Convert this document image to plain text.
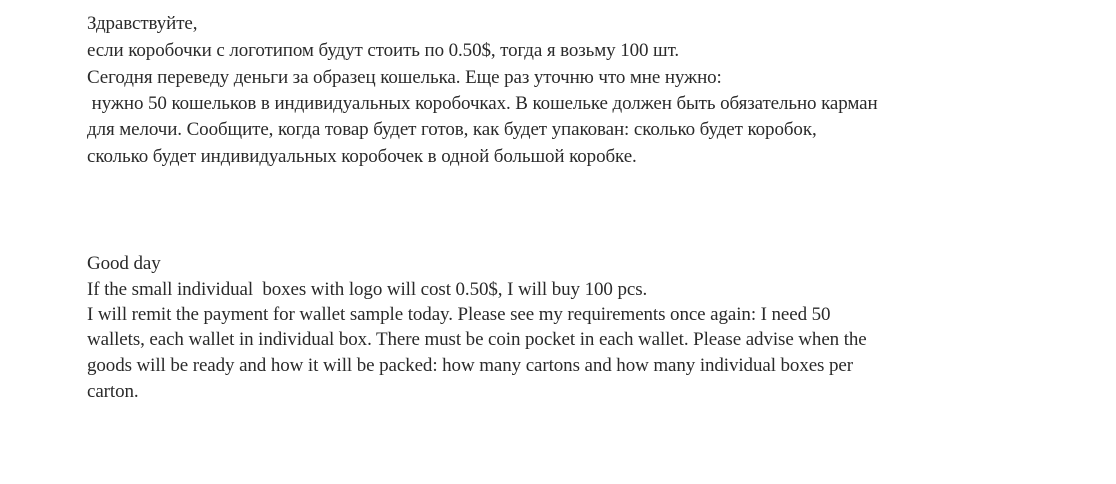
Здравствуйте,
если коробочки с логотипом будут стоить по 0.50$, тогда я возьму 100 шт.
Сегодня переведу деньги за образец кошелька. Еще раз уточню что мне нужно:
нужно 50 кошельков в индивидуальных коробочках. В кошельке должен быть обязательно карман
для мелочи. Сообщите, когда товар будет готов, как будет упакован: сколько будет коробок,
сколько будет индивидуальных коробочек в одной большой коробке.
Good day
If the small individual  boxes with logo will cost 0.50$, I will buy 100 pcs.
I will remit the payment for wallet sample today. Please see my requirements once again: I need 50
wallets, each wallet in individual box. There must be coin pocket in each wallet. Please advise when the
goods will be ready and how it will be packed: how many cartons and how many individual boxes per
carton.
